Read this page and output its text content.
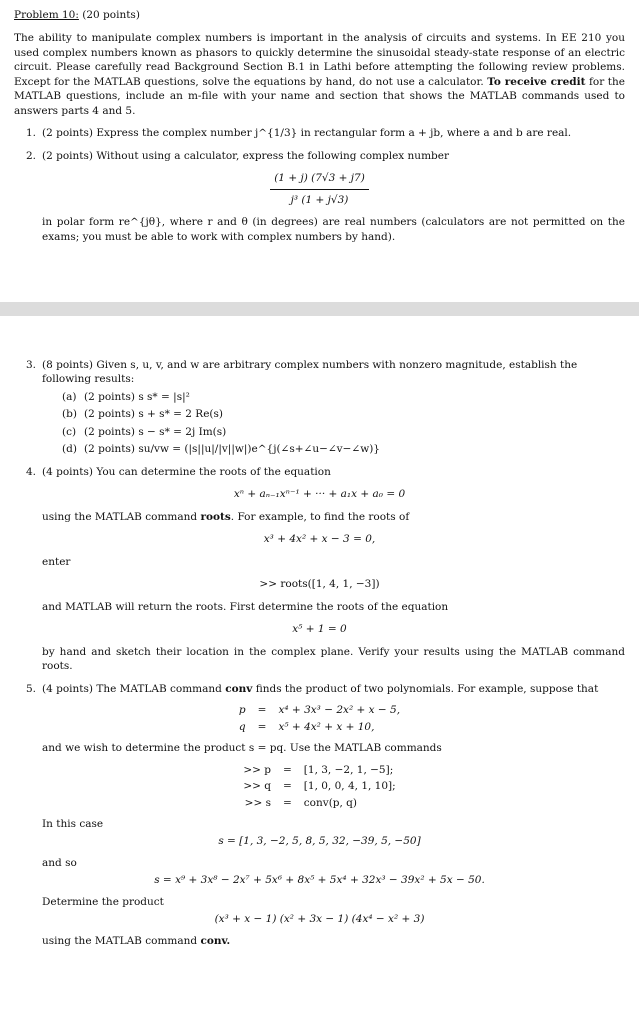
Problem 10: (20 points)

The ability to manipulate complex numbers is important in the analysis of circuits and systems. In EE 210 you used complex numbers known as phasors to quickly determine the sinusoidal steady-state response of an electric circuit. Please carefully read Background Section B.1 in Lathi before attempting the following review problems. Except for the MATLAB questions, solve the equations by hand, do not use a calculator. To receive credit for the MATLAB questions, include an m-file with your name and section that shows the MATLAB commands used to answers parts 4 and 5.

1. (2 points) Express the complex number j^{1/3} in rectangular form a + jb, where a and b are real.
2. (2 points) Without using a calculator, express the following complex number
$\frac{(1 + j) (7√3 + j7)}{\text{j³ (1 + j√3)}}$

in polar form re^{jθ}, where r and θ (in degrees) are real numbers (calculators are not permitted on the exams; you must be able to work with complex numbers by hand).

3. (8 points) Given s, u, v, and w are arbitrary complex numbers with nonzero magnitude, establish the following results:
(a) (2 points) s s* = |s|²
(b) (2 points) s + s* = 2 Re(s)
(c) (2 points) s − s* = 2j Im(s)
(d) (2 points) su/vw = (|s||u|/|v||w|)e^{j(∠s+∠u−∠v−∠w)}
4. (4 points) You can determine the roots of the equation
xⁿ + aₙ₋₁xⁿ⁻¹ + ··· + a₁x + a₀ = 0

using the MATLAB command roots. For example, to find the roots of

x³ + 4x² + x − 3 = 0,

enter

>> roots([1, 4, 1, −3])

and MATLAB will return the roots. First determine the roots of the equation

x⁵ + 1 = 0

by hand and sketch their location in the complex plane. Verify your results using the MATLAB command roots.

5. (4 points) The MATLAB command conv finds the product of two polynomials. For example, suppose that
p	=	x⁴ + 3x³ − 2x² + x − 5,
q	=	x⁵ + 4x² + x + 10,

and we wish to determine the product s = pq. Use the MATLAB commands

>> p	=	[1, 3, −2, 1, −5];
>> q	=	[1, 0, 0, 4, 1, 10];
>> s	=	conv(p, q)

In this case

s = [1, 3, −2, 5, 8, 5, 32, −39, 5, −50]

and so

s = x⁹ + 3x⁸ − 2x⁷ + 5x⁶ + 8x⁵ + 5x⁴ + 32x³ − 39x² + 5x − 50.

Determine the product

(x³ + x − 1) (x² + 3x − 1) (4x⁴ − x² + 3)

using the MATLAB command conv.
